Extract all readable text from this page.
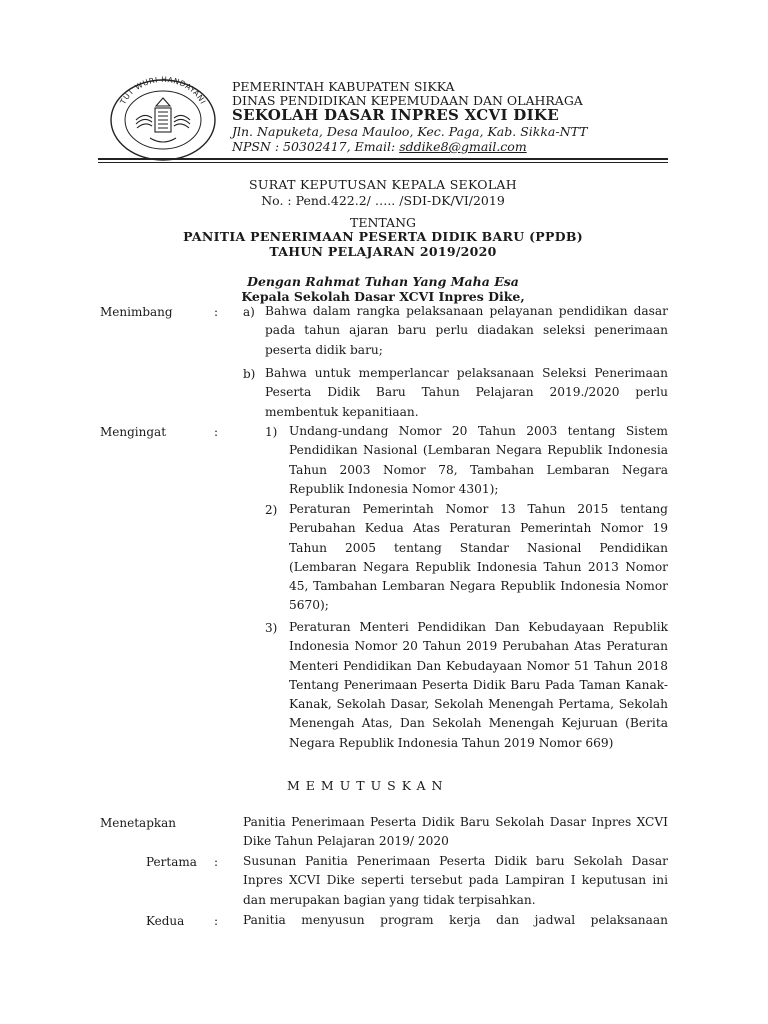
TUT WURI HANDAYANI
PEMERINTAH KABUPATEN SIKKA
DINAS PENDIDIKAN KEPEMUDAAN DAN OLAHRAGA
SEKOLAH DASAR INPRES XCVI DIKE
Jln. Napuketa, Desa Mauloo, Kec. Paga, Kab. Sikka-NTT
NPSN : 50302417, Email: sddike8@gmail.com
SURAT KEPUTUSAN KEPALA SEKOLAH
No. : Pend.422.2/ ….. /SDI-DK/VI/2019
TENTANG
PANITIA PENERIMAAN PESERTA DIDIK BARU (PPDB)
TAHUN PELAJARAN 2019/2020
Dengan Rahmat Tuhan Yang Maha Esa
Kepala Sekolah Dasar XCVI Inpres Dike,
Menimbang	: a) Bahwa dalam rangka pelaksanaan pelayanan pendidikan dasar pada tahun ajaran baru perlu diadakan seleksi penerimaan peserta didik baru;
b) Bahwa untuk memperlancar pelaksanaan Seleksi Penerimaan Peserta Didik Baru Tahun Pelajaran 2019./2020 perlu membentuk kepanitiaan.
Mengingat	:	1) Undang-undang Nomor 20 Tahun 2003 tentang Sistem Pendidikan Nasional (Lembaran Negara Republik Indonesia Tahun 2003 Nomor 78, Tambahan Lembaran Negara Republik Indonesia Nomor 4301);
2) Peraturan Pemerintah Nomor 13 Tahun 2015 tentang Perubahan Kedua Atas Peraturan Pemerintah Nomor 19 Tahun 2005 tentang Standar Nasional Pendidikan (Lembaran Negara Republik Indonesia Tahun 2013 Nomor 45, Tambahan Lembaran Negara Republik Indonesia Nomor 5670);
3) Peraturan Menteri Pendidikan Dan Kebudayaan Republik Indonesia Nomor 20 Tahun 2019 Perubahan Atas Peraturan Menteri Pendidikan Dan Kebudayaan Nomor 51 Tahun 2018 Tentang Penerimaan Peserta Didik Baru Pada Taman Kanak-Kanak, Sekolah Dasar, Sekolah Menengah Pertama, Sekolah Menengah Atas, Dan Sekolah Menengah Kejuruan (Berita Negara Republik Indonesia Tahun 2019 Nomor 669)
MEMUTUSKAN
Menetapkan	Panitia Penerimaan Peserta Didik Baru Sekolah Dasar Inpres XCVI Dike Tahun Pelajaran 2019/ 2020
Pertama : Susunan Panitia Penerimaan Peserta Didik baru Sekolah Dasar Inpres XCVI Dike seperti tersebut pada Lampiran I keputusan ini dan merupakan bagian yang tidak terpisahkan.
Kedua : Panitia menyusun program kerja dan jadwal pelaksanaan
